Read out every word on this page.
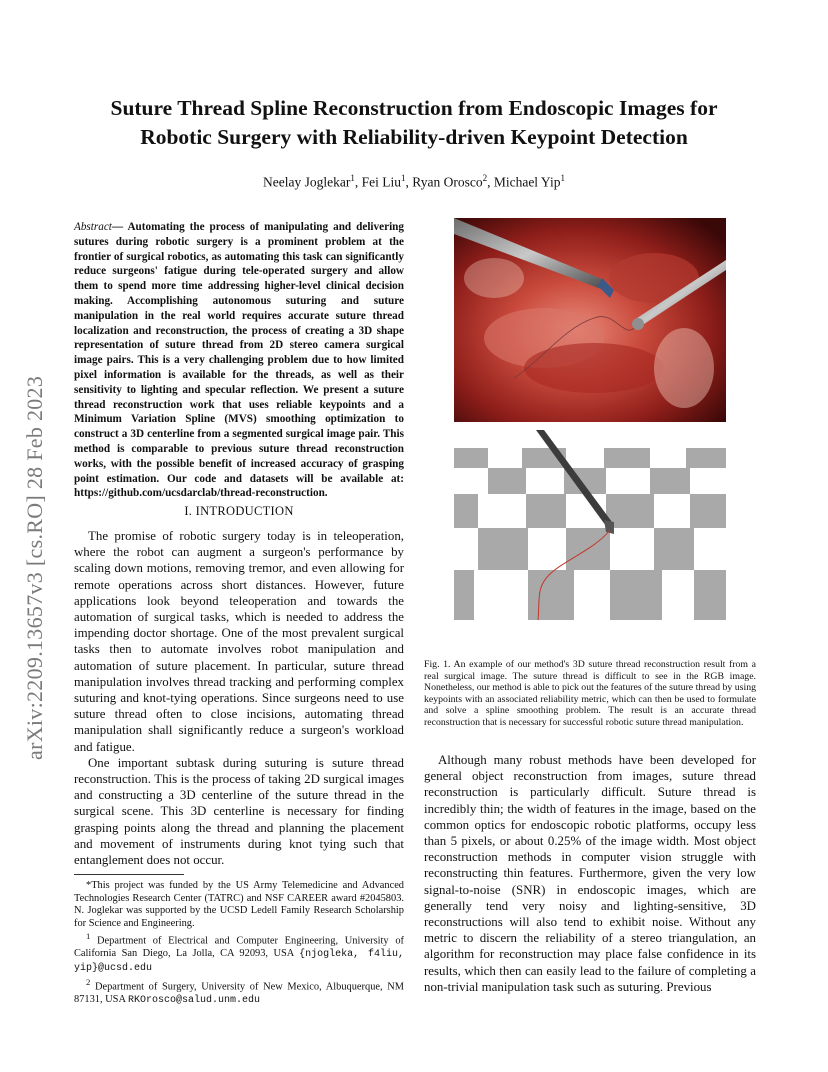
arXiv:2209.13657v3 [cs.RO] 28 Feb 2023
Suture Thread Spline Reconstruction from Endoscopic Images for
Robotic Surgery with Reliability-driven Keypoint Detection
Neelay Joglekar$^1$, Fei Liu$^1$, Ryan Orosco$^2$, Michael Yip$^1$
Abstract— Automating the process of manipulating and delivering sutures during robotic surgery is a prominent problem at the frontier of surgical robotics, as automating this task can significantly reduce surgeons' fatigue during tele-operated surgery and allow them to spend more time addressing higher-level clinical decision making. Accomplishing autonomous suturing and suture manipulation in the real world requires accurate suture thread localization and reconstruction, the process of creating a 3D shape representation of suture thread from 2D stereo camera surgical image pairs. This is a very challenging problem due to how limited pixel information is available for the threads, as well as their sensitivity to lighting and specular reflection. We present a suture thread reconstruction work that uses reliable keypoints and a Minimum Variation Spline (MVS) smoothing optimization to construct a 3D centerline from a segmented surgical image pair. This method is comparable to previous suture thread reconstruction works, with the possible benefit of increased accuracy of grasping point estimation. Our code and datasets will be available at: https://github.com/ucsdarclab/thread-reconstruction.
I. INTRODUCTION

The promise of robotic surgery today is in teleoperation, where the robot can augment a surgeon's performance by scaling down motions, removing tremor, and even allowing for remote operations across short distances. However, future applications look beyond teleoperation and towards the automation of surgical tasks, which is needed to address the impending doctor shortage. One of the most prevalent surgical tasks then to automate involves robot manipulation and automation of suture placement. In particular, suture thread manipulation involves thread tracking and performing complex suturing and knot-tying operations. Since surgeons need to use suture thread often to close incisions, automating thread manipulation shall significantly reduce a surgeon's workload and fatigue.

One important subtask during suturing is suture thread reconstruction. This is the process of taking 2D surgical images and constructing a 3D centerline of the suture thread in the surgical scene. This 3D centerline is necessary for finding grasping points along the thread and planning the placement and movement of instruments during knot tying such that entanglement does not occur.

*This project was funded by the US Army Telemedicine and Advanced Technologies Research Center (TATRC) and NSF CAREER award #2045803. N. Joglekar was supported by the UCSD Ledell Family Research Scholarship for Science and Engineering.

$^1$ Department of Electrical and Computer Engineering, University of California San Diego, La Jolla, CA 92093, USA {njogleka, f4liu, yip}@ucsd.edu

$^2$ Department of Surgery, University of New Mexico, Albuquerque, NM 87131, USA RKOrosco@salud.unm.edu

Fig. 1. An example of our method's 3D suture thread reconstruction result from a real surgical image. The suture thread is difficult to see in the RGB image. Nonetheless, our method is able to pick out the features of the suture thread by using keypoints with an associated reliability metric, which can then be used to formulate and solve a spline smoothing problem. The result is an accurate thread reconstruction that is necessary for successful robotic suture thread manipulation.

Although many robust methods have been developed for general object reconstruction from images, suture thread reconstruction is particularly difficult. Suture thread is incredibly thin; the width of features in the image, based on the common optics for endoscopic robotic platforms, occupy less than 5 pixels, or about 0.25% of the image width. Most object reconstruction methods in computer vision struggle with reconstructing thin features. Furthermore, given the very low signal-to-noise (SNR) in endoscopic images, which are generally tend very noisy and lighting-sensitive, 3D reconstructions will also tend to exhibit noise. Without any metric to discern the reliability of a stereo triangulation, an algorithm for reconstruction may place false confidence in its results, which then can easily lead to the failure of completing a non-trivial manipulation task such as suturing. Previous
